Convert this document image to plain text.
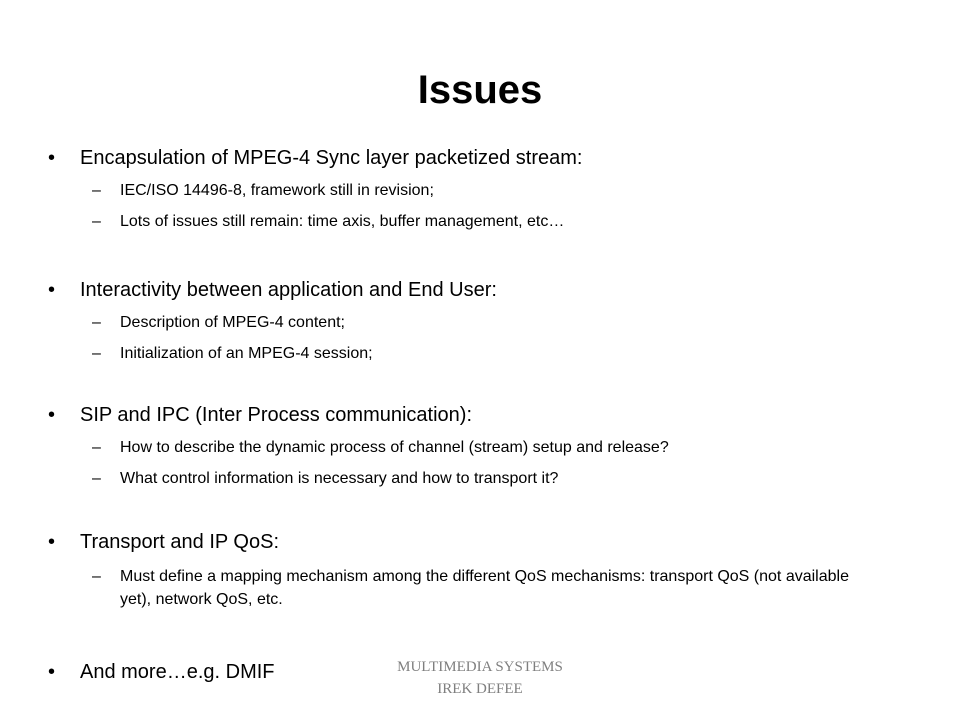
Issues
•	Encapsulation of MPEG-4 Sync layer packetized stream:
– IEC/ISO 14496-8, framework still in revision;
– Lots of issues still remain: time axis, buffer management, etc…
•	Interactivity between application and End User:
– Description of MPEG-4 content;
– Initialization of an MPEG-4 session;
•	SIP and IPC (Inter Process communication):
– How to describe the dynamic process of channel (stream) setup and release?
– What control information is necessary and how to transport it?
•	Transport and IP QoS:
– Must define a mapping mechanism among the different QoS mechanisms: transport QoS (not available yet), network QoS, etc.
•	And more…e.g. DMIF	MULTIMEDIA SYSTEMS
IREK DEFEE
